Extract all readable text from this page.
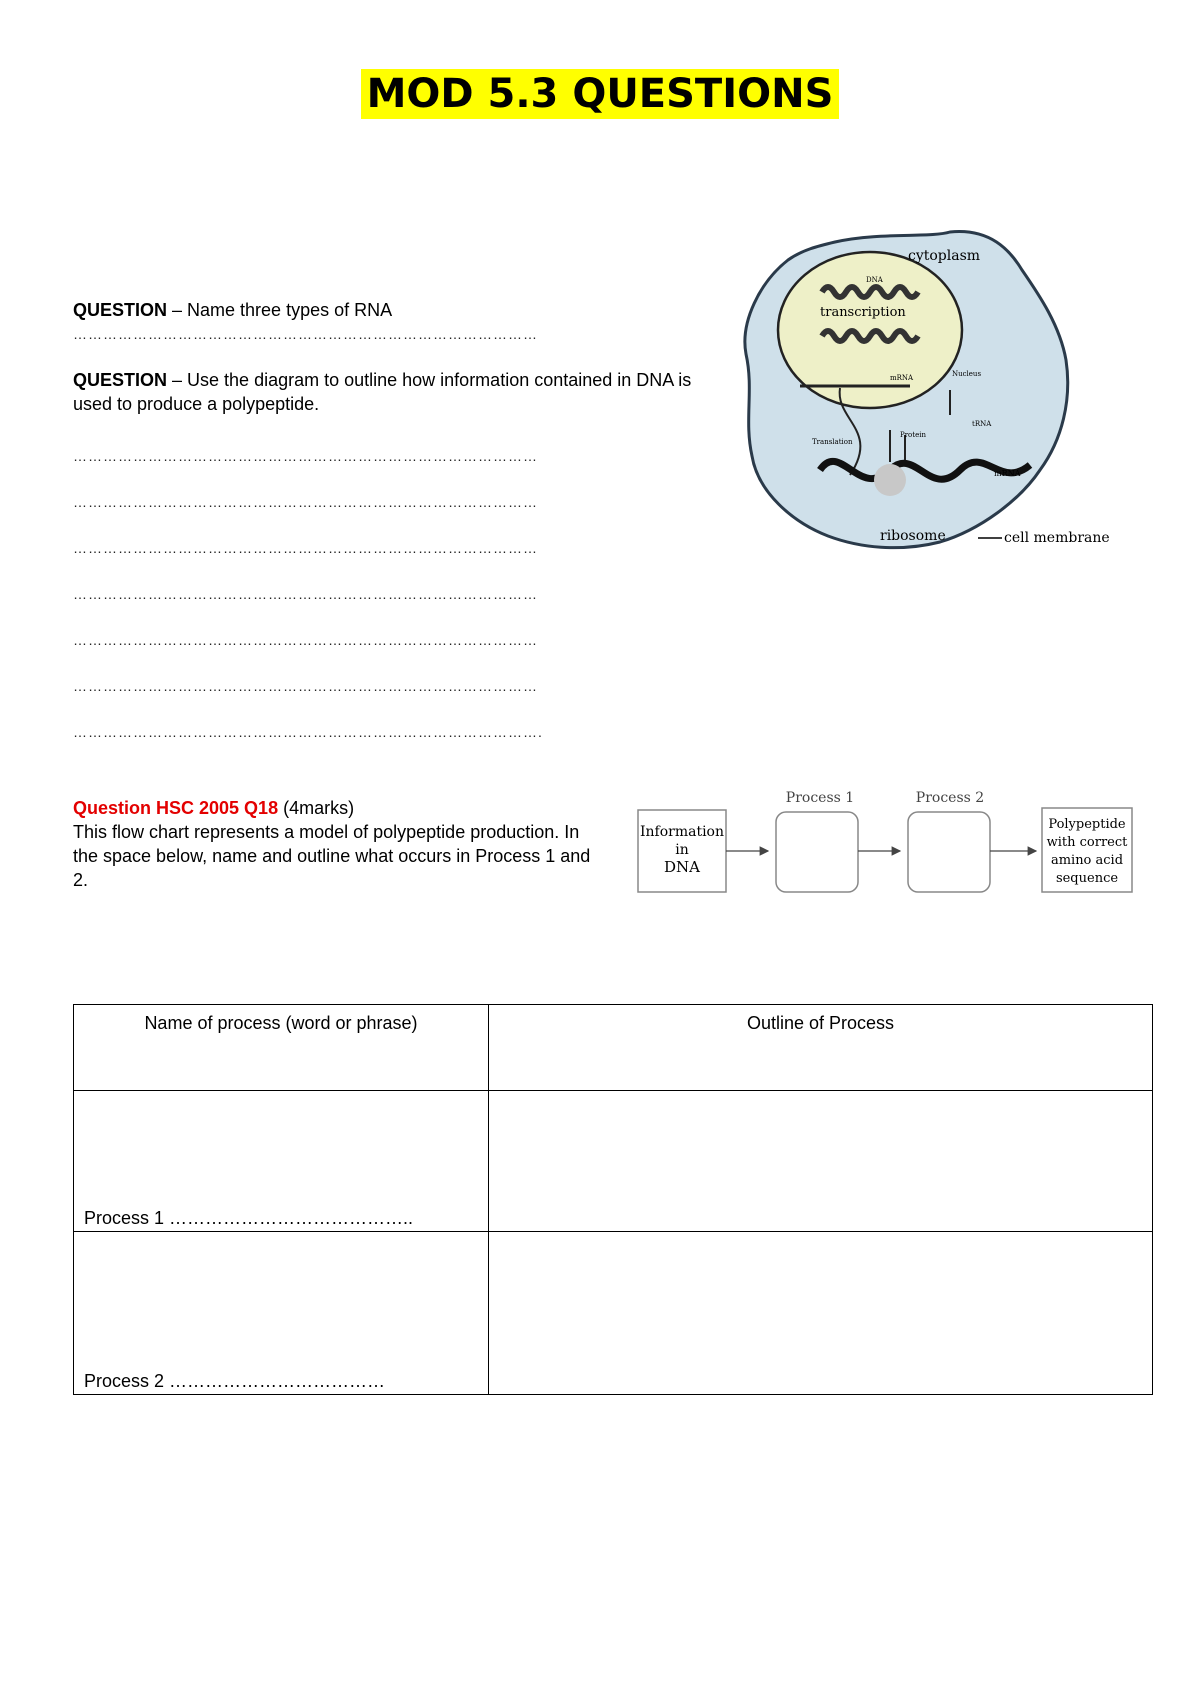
MOD 5.3 QUESTIONS
QUESTION – Name three types of RNA
…………………………………………………………………………………
QUESTION – Use the diagram to outline how information contained in DNA is used to produce a polypeptide.
…………………………………………………………………………………
…………………………………………………………………………………
…………………………………………………………………………………
…………………………………………………………………………………
…………………………………………………………………………………
…………………………………………………………………………………
………………………………………………………………………………….
cytoplasm
DNA
transcription
Nucleus
mRNA
Protein
Translation
tRNA
mRNA
ribosome	cell membrane
Question HSC 2005 Q18 (4marks)
This flow chart represents a model of polypeptide production. In the space below, name and outline what occurs in Process 1 and 2.
Information
in
DNA
Process 1	Process 2
Polypeptide
with correct
amino acid
sequence
Name of process (word or phrase)	Outline of Process

Process 1 …………………………………..	

Process 2 ………………………………	
